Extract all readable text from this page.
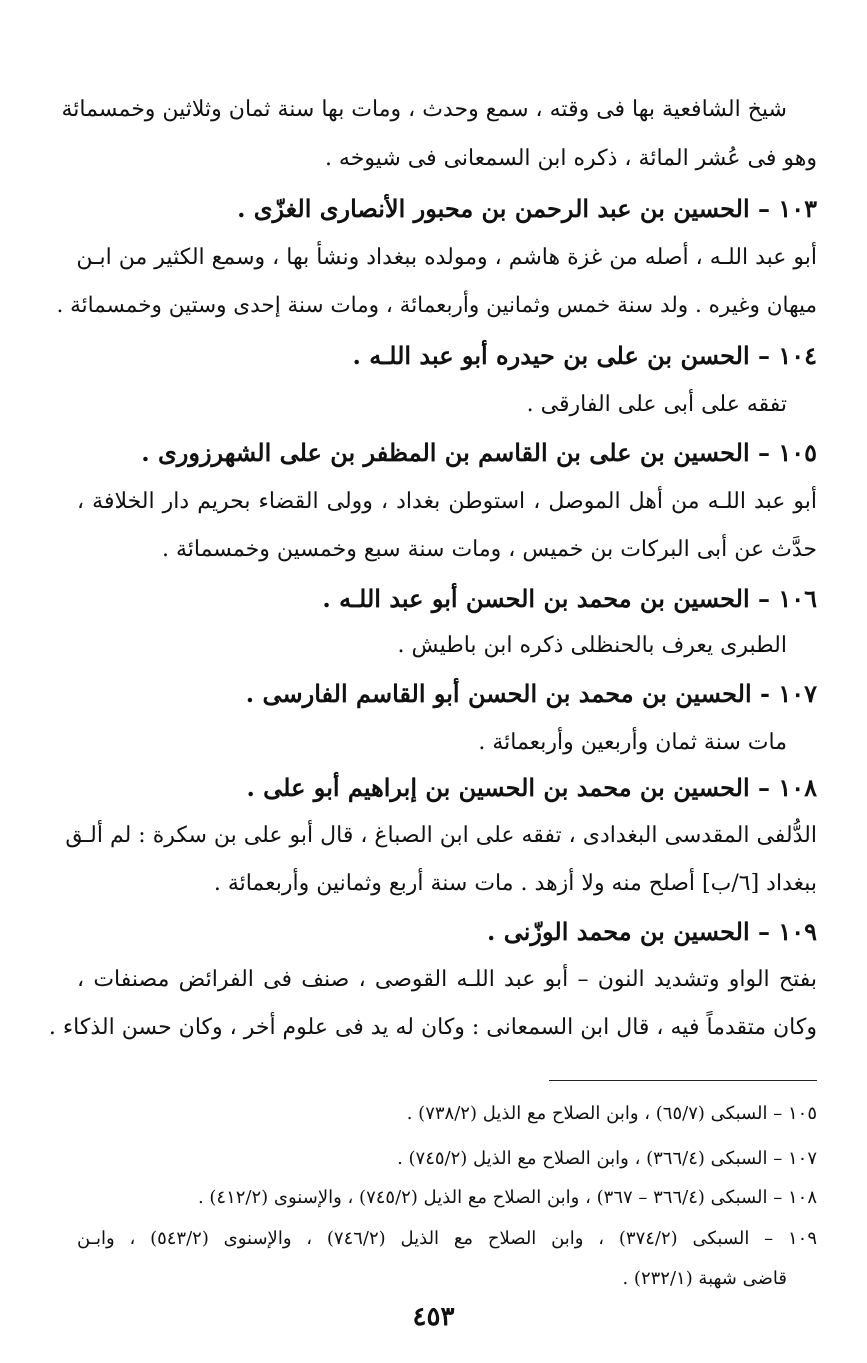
شيخ الشافعية بها فى وقته ، سمع وحدث ، ومات بها سنة ثمان وثلاثين وخمسمائة
وهو فى عُشر المائة ، ذكره ابن السمعانى فى شيوخه .
١٠٣ – الحسين بن عبد الرحمن بن محبور الأنصارى الغزّى .
أبو عبد اللـه ، أصله من غزة هاشم ، ومولده ببغداد ونشأ بها ، وسمع الكثير من ابـن
ميهان وغيره . ولد سنة خمس وثمانين وأربعمائة ، ومات سنة إحدى وستين وخمسمائة .
١٠٤ – الحسن بن على بن حيدره أبو عبد اللـه .
تفقه على أبى على الفارقى .
١٠٥ – الحسين بن على بن القاسم بن المظفر بن على الشهرزورى .
أبو عبد اللـه من أهل الموصل ، استوطن بغداد ، وولى القضاء بحريم دار الخلافة ،
حدَّث عن أبى البركات بن خميس ، ومات سنة سبع وخمسين وخمسمائة .
١٠٦ – الحسين بن محمد بن الحسن أبو عبد اللـه .
الطبرى يعرف بالحنظلى ذكره ابن باطيش .
١٠٧ - الحسين بن محمد بن الحسن أبو القاسم الفارسى .
مات سنة ثمان وأربعين وأربعمائة .
١٠٨ – الحسين بن محمد بن الحسين بن إبراهيم أبو على .
الدُّلفى المقدسى البغدادى ، تفقه على ابن الصباغ ، قال أبو على بن سكرة : لم ألـق
ببغداد [٦/ب] أصلح منه ولا أزهد . مات سنة أربع وثمانين وأربعمائة .
١٠٩ – الحسين بن محمد الوزّنى .
بفتح الواو وتشديد النون – أبو عبد اللـه القوصى ، صنف فى الفرائض مصنفات ،
وكان متقدماً فيه ، قال ابن السمعانى : وكان له يد فى علوم أخر ، وكان حسن الذكاء .
١٠٥ – السبكى (٦٥/٧) ، وابن الصلاح مع الذيل (٧٣٨/٢) .
١٠٧ – السبكى (٣٦٦/٤) ، وابن الصلاح مع الذيل (٧٤٥/٢) .
١٠٨ – السبكى (٣٦٦/٤ – ٣٦٧) ، وابن الصلاح مع الذيل (٧٤٥/٢) ، والإسنوى (٤١٢/٢) .
١٠٩ – السبكى (٣٧٤/٢) ، وابن الصلاح مع الذيل (٧٤٦/٢) ، والإسنوى (٥٤٣/٢) ، وابـن
قاضى شهبة (٢٣٢/١) .
٤٥٣
